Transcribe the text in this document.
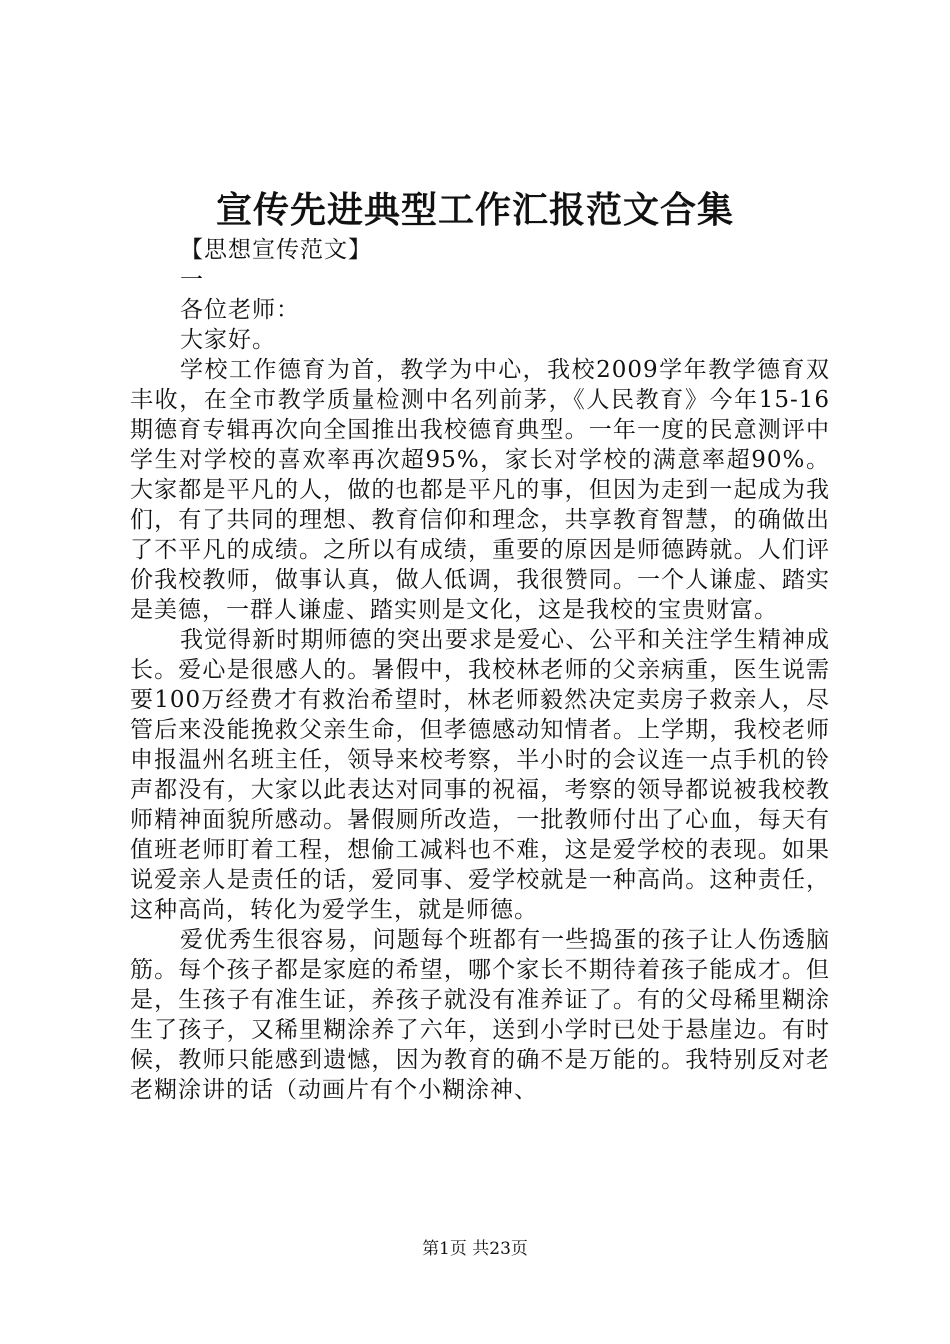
宣传先进典型工作汇报范文合集

【思想宣传范文】

一

各位老师：

大家好。

学校工作德育为首，教学为中心，我校2009学年教学德育双丰收，在全市教学质量检测中名列前茅，《人民教育》今年15-16期德育专辑再次向全国推出我校德育典型。一年一度的民意测评中学生对学校的喜欢率再次超95%，家长对学校的满意率超90%。大家都是平凡的人，做的也都是平凡的事，但因为走到一起成为我们，有了共同的理想、教育信仰和理念，共享教育智慧，的确做出了不平凡的成绩。之所以有成绩，重要的原因是师德踌就。人们评价我校教师，做事认真，做人低调，我很赞同。一个人谦虚、踏实是美德，一群人谦虚、踏实则是文化，这是我校的宝贵财富。

我觉得新时期师德的突出要求是爱心、公平和关注学生精神成长。爱心是很感人的。暑假中，我校林老师的父亲病重，医生说需要100万经费才有救治希望时，林老师毅然决定卖房子救亲人，尽管后来没能挽救父亲生命，但孝德感动知情者。上学期，我校老师申报温州名班主任，领导来校考察，半小时的会议连一点手机的铃声都没有，大家以此表达对同事的祝福，考察的领导都说被我校教师精神面貌所感动。暑假厕所改造，一批教师付出了心血，每天有值班老师盯着工程，想偷工减料也不难，这是爱学校的表现。如果说爱亲人是责任的话，爱同事、爱学校就是一种高尚。这种责任，这种高尚，转化为爱学生，就是师德。

爱优秀生很容易，问题每个班都有一些捣蛋的孩子让人伤透脑筋。每个孩子都是家庭的希望，哪个家长不期待着孩子能成才。但是，生孩子有准生证，养孩子就没有准养证了。有的父母稀里糊涂生了孩子，又稀里糊涂养了六年，送到小学时已处于悬崖边。有时候，教师只能感到遗憾，因为教育的确不是万能的。我特别反对老老糊涂讲的话（动画片有个小糊涂神、

第1页 共23页
